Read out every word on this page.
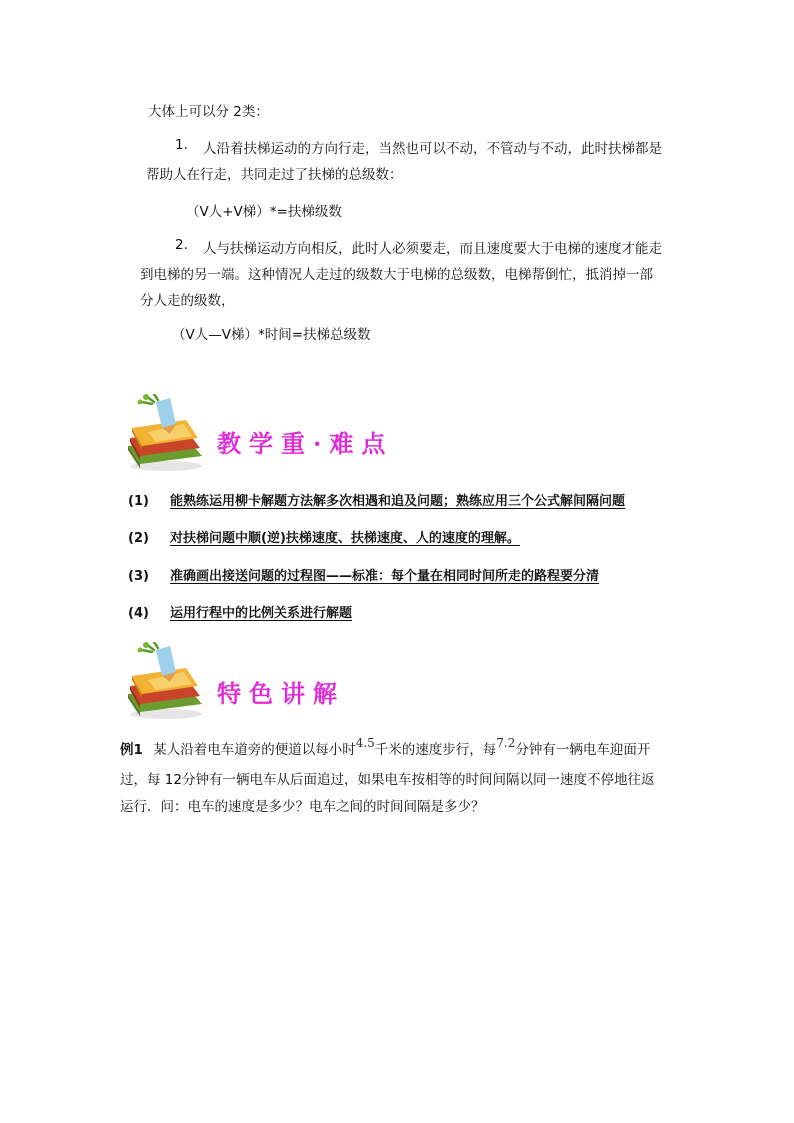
大体上可以分 2类：
1. 人沿着扶梯运动的方向行走，当然也可以不动，不管动与不动，此时扶梯都是
帮助人在行走，共同走过了扶梯的总级数：
（V人+V梯）*=扶梯级数
2. 人与扶梯运动方向相反，此时人必须要走，而且速度要大于电梯的速度才能走
到电梯的另一端。这种情况人走过的级数大于电梯的总级数，电梯帮倒忙，抵消掉一部
分人走的级数，
（V人—V梯）*时间=扶梯总级数
教学重·难点
(1) 能熟练运用柳卡解题方法解多次相遇和追及问题；熟练应用三个公式解间隔问题
(2) 对扶梯问题中顺(逆)扶梯速度、扶梯速度、人的速度的理解。
(3) 准确画出接送问题的过程图——标准：每个量在相同时间所走的路程要分清
(4) 运用行程中的比例关系进行解题
特色讲解
例1 某人沿着电车道旁的便道以每小时4.5千米的速度步行，每7.2分钟有一辆电车迎面开
过，每 12分钟有一辆电车从后面追过，如果电车按相等的时间间隔以同一速度不停地往返
运行．问：电车的速度是多少？电车之间的时间间隔是多少？
